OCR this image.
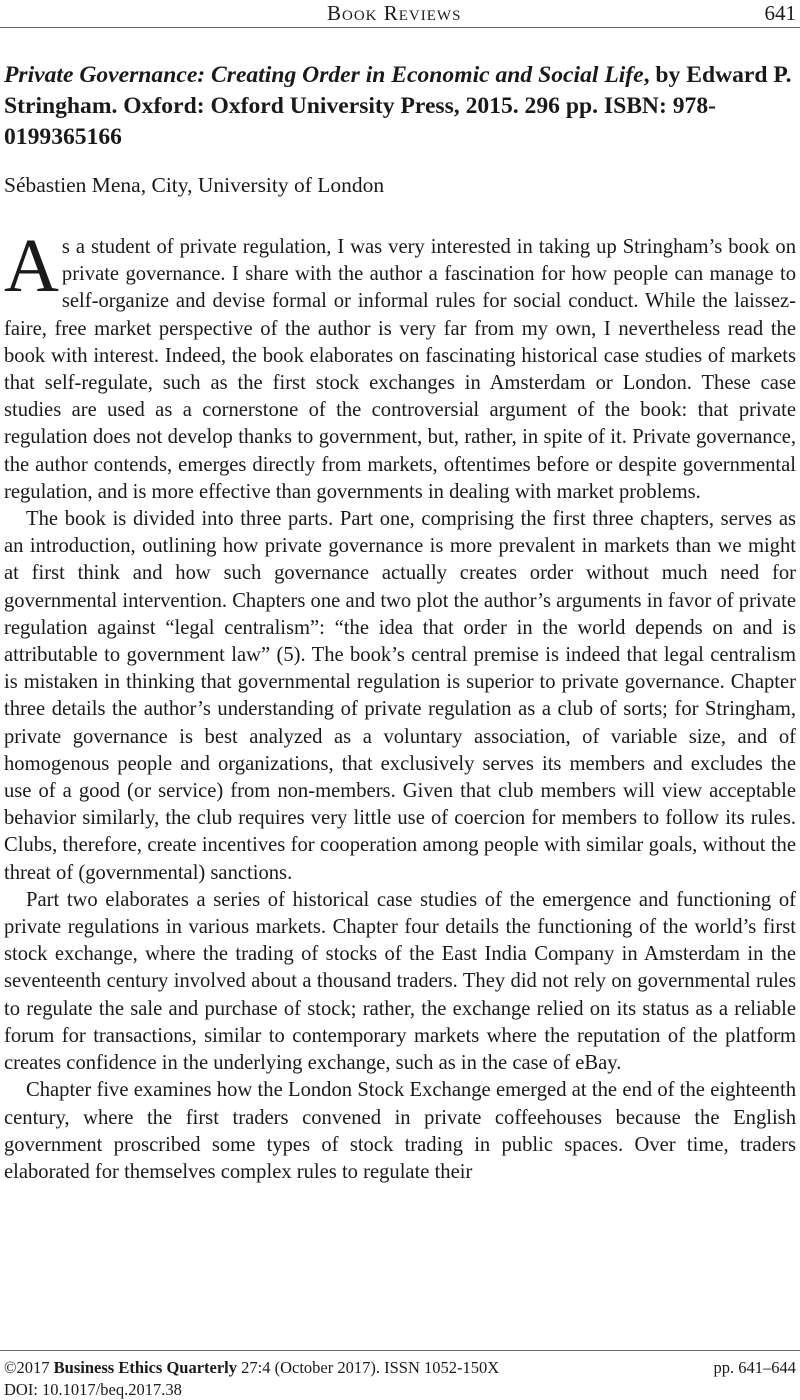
Book Reviews	641
Private Governance: Creating Order in Economic and Social Life, by Edward P. Stringham. Oxford: Oxford University Press, 2015. 296 pp. ISBN: 978-0199365166

Sébastien Mena, City, University of London

As a student of private regulation, I was very interested in taking up Stringham’s book on private governance. I share with the author a fascination for how people can manage to self-organize and devise formal or informal rules for social conduct. While the laissez-faire, free market perspective of the author is very far from my own, I nevertheless read the book with interest. Indeed, the book elaborates on fascinating historical case studies of markets that self-regulate, such as the first stock exchanges in Amsterdam or London. These case studies are used as a cornerstone of the controversial argument of the book: that private regulation does not develop thanks to government, but, rather, in spite of it. Private governance, the author contends, emerges directly from markets, oftentimes before or despite governmental regulation, and is more effective than governments in dealing with market problems.

The book is divided into three parts. Part one, comprising the first three chapters, serves as an introduction, outlining how private governance is more prevalent in markets than we might at first think and how such governance actually creates order without much need for governmental intervention. Chapters one and two plot the author’s arguments in favor of private regulation against “legal centralism”: “the idea that order in the world depends on and is attributable to government law” (5). The book’s central premise is indeed that legal centralism is mistaken in thinking that governmental regulation is superior to private governance. Chapter three details the author’s understanding of private regulation as a club of sorts; for Stringham, private governance is best analyzed as a voluntary association, of variable size, and of homogenous people and organizations, that exclusively serves its members and excludes the use of a good (or service) from non-members. Given that club members will view acceptable behavior similarly, the club requires very little use of coercion for members to follow its rules. Clubs, therefore, create incentives for cooperation among people with similar goals, without the threat of (governmental) sanctions.

Part two elaborates a series of historical case studies of the emergence and functioning of private regulations in various markets. Chapter four details the functioning of the world’s first stock exchange, where the trading of stocks of the East India Company in Amsterdam in the seventeenth century involved about a thousand traders. They did not rely on governmental rules to regulate the sale and purchase of stock; rather, the exchange relied on its status as a reliable forum for transactions, similar to contemporary markets where the reputation of the platform creates confidence in the underlying exchange, such as in the case of eBay.

Chapter five examines how the London Stock Exchange emerged at the end of the eighteenth century, where the first traders convened in private coffeehouses because the English government proscribed some types of stock trading in public spaces. Over time, traders elaborated for themselves complex rules to regulate their

©2017 Business Ethics Quarterly 27:4 (October 2017). ISSN 1052-150X	pp. 641–644
DOI: 10.1017/beq.2017.38
